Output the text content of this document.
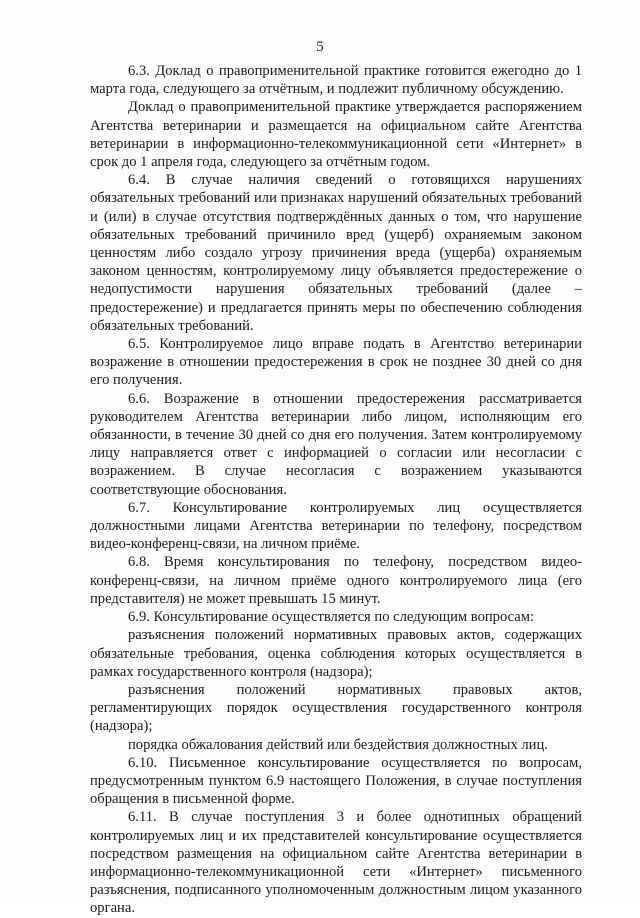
5

6.3. Доклад о правоприменительной практике готовится ежегодно до 1 марта года, следующего за отчётным, и подлежит публичному обсуждению.

Доклад о правоприменительной практике утверждается распоряжением Агентства ветеринарии и размещается на официальном сайте Агентства ветеринарии в информационно-телекоммуникационной сети «Интернет» в срок до 1 апреля года, следующего за отчётным годом.

6.4. В случае наличия сведений о готовящихся нарушениях обязательных требований или признаках нарушений обязательных требований и (или) в случае отсутствия подтверждённых данных о том, что нарушение обязательных требований причинило вред (ущерб) охраняемым законом ценностям либо создало угрозу причинения вреда (ущерба) охраняемым законом ценностям, контролируемому лицу объявляется предостережение о недопустимости нарушения обязательных требований (далее – предостережение) и предлагается принять меры по обеспечению соблюдения обязательных требований.

6.5. Контролируемое лицо вправе подать в Агентство ветеринарии возражение в отношении предостережения в срок не позднее 30 дней со дня его получения.

6.6. Возражение в отношении предостережения рассматривается руководителем Агентства ветеринарии либо лицом, исполняющим его обязанности, в течение 30 дней со дня его получения. Затем контролируемому лицу направляется ответ с информацией о согласии или несогласии с возражением. В случае несогласия с возражением указываются соответствующие обоснования.

6.7. Консультирование контролируемых лиц осуществляется должностными лицами Агентства ветеринарии по телефону, посредством видео-конференц-связи, на личном приёме.

6.8. Время консультирования по телефону, посредством видео-конференц-связи, на личном приёме одного контролируемого лица (его представителя) не может превышать 15 минут.

6.9. Консультирование осуществляется по следующим вопросам:

разъяснения положений нормативных правовых актов, содержащих обязательные требования, оценка соблюдения которых осуществляется в рамках государственного контроля (надзора);

разъяснения положений нормативных правовых актов, регламентирующих порядок осуществления государственного контроля (надзора);

порядка обжалования действий или бездействия должностных лиц.

6.10. Письменное консультирование осуществляется по вопросам, предусмотренным пунктом 6.9 настоящего Положения, в случае поступления обращения в письменной форме.

6.11. В случае поступления 3 и более однотипных обращений контролируемых лиц и их представителей консультирование осуществляется посредством размещения на официальном сайте Агентства ветеринарии в информационно-телекоммуникационной сети «Интернет» письменного разъяснения, подписанного уполномоченным должностным лицом указанного органа.
